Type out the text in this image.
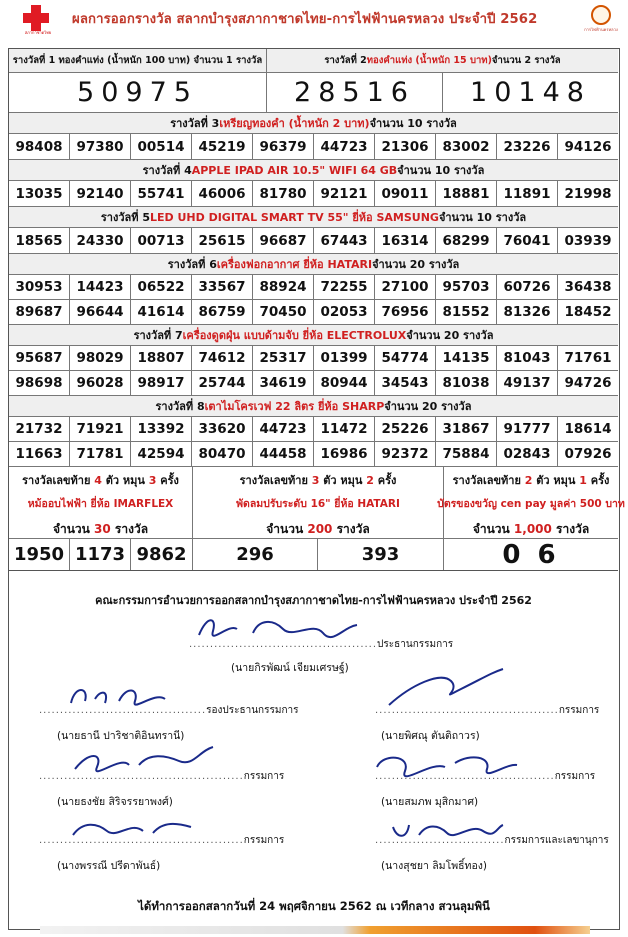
สภากาชาดไทย
ผลการออกรางวัล สลากบำรุงสภากาชาดไทย-การไฟฟ้านครหลวง ประจำปี 2562
การไฟฟ้านครหลวง
รางวัลที่ 1 ทองคำแท่ง (น้ำหนัก 100 บาท) จำนวน 1 รางวัล	รางวัลที่ 2 ทองคำแท่ง (น้ำหนัก 15 บาท) จำนวน 2 รางวัล
50975	28516	10148
รางวัลที่ 3 เหรียญทองคำ (น้ำหนัก 2 บาท) จำนวน 10 รางวัล
98408	97380	00514	45219	96379	44723	21306	83002	23226	94126
รางวัลที่ 4 APPLE IPAD AIR 10.5" WIFI 64 GB จำนวน 10 รางวัล
13035	92140	55741	46006	81780	92121	09011	18881	11891	21998
รางวัลที่ 5 LED UHD DIGITAL SMART TV 55" ยี่ห้อ SAMSUNG จำนวน 10 รางวัล
18565	24330	00713	25615	96687	67443	16314	68299	76041	03939
รางวัลที่ 6 เครื่องฟอกอากาศ ยี่ห้อ HATARI จำนวน 20 รางวัล
30953	14423	06522	33567	88924	72255	27100	95703	60726	36438
89687	96644	41614	86759	70450	02053	76956	81552	81326	18452
รางวัลที่ 7 เครื่องดูดฝุ่น แบบด้ามจับ ยี่ห้อ ELECTROLUX จำนวน 20 รางวัล
95687	98029	18807	74612	25317	01399	54774	14135	81043	71761
98698	96028	98917	25744	34619	80944	34543	81038	49137	94726
รางวัลที่ 8 เตาไมโครเวฟ 22 ลิตร ยี่ห้อ SHARP จำนวน 20 รางวัล
21732	71921	13392	33620	44723	11472	25226	31867	91777	18614
11663	71781	42594	80470	44458	16986	92372	75884	02843	07926
รางวัลเลขท้าย 4 ตัว หมุน 3 ครั้ง
หม้ออบไฟฟ้า ยี่ห้อ IMARFLEX
จำนวน 30 รางวัล
รางวัลเลขท้าย 3 ตัว หมุน 2 ครั้ง
พัดลมปรับระดับ 16" ยี่ห้อ HATARI
จำนวน 200 รางวัล
รางวัลเลขท้าย 2 ตัว หมุน 1 ครั้ง
บัตรของขวัญ cen pay มูลค่า 500 บาท
จำนวน 1,000 รางวัล
1950 1173 9862	296	393	0 6
คณะกรรมการอำนวยการออกสลากบำรุงสภากาชาดไทย-การไฟฟ้านครหลวง ประจำปี 2562
.............................................ประธานกรรมการ
(นายกิรพัฒน์ เจียมเศรษฐ์)
........................................รองประธานกรรมการ
(นายธานี ปาริชาติอินทรานี)
............................................กรรมการ
(นายพิศณุ ตันติถาวร)
.................................................กรรมการ
(นายธงชัย สิริจรรยาพงศ์)
...........................................กรรมการ
(นายสมภพ มุสิกมาศ)
.................................................กรรมการ
(นางพรรณี ปรีดาพันธ์)
...............................กรรมการและเลขานุการ
(นางสุชยา ลิมโพธิ์ทอง)
ได้ทำการออกสลากวันที่ 24 พฤศจิกายน 2562 ณ เวทีกลาง สวนลุมพินี
